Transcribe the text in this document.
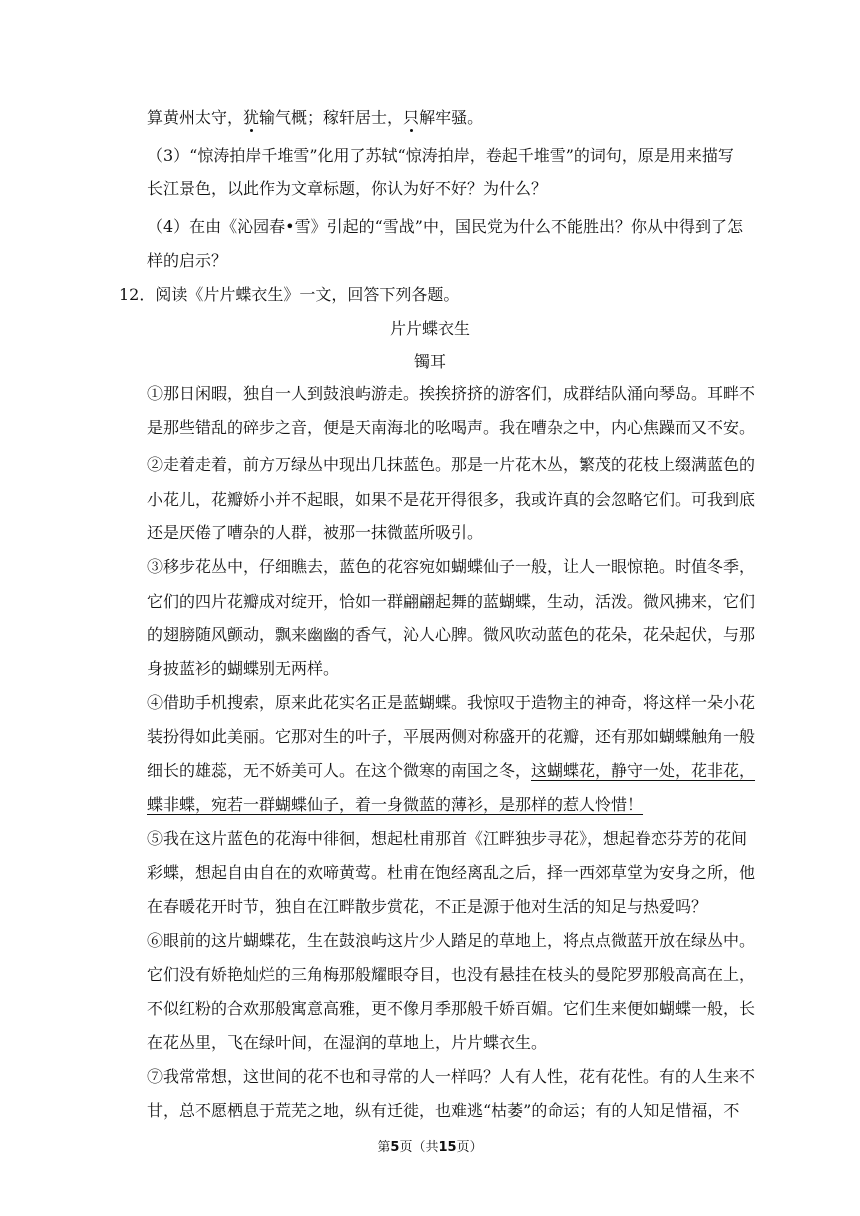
算黄州太守，犹输气概；稼轩居士，只解牢骚。
（3）“惊涛拍岸千堆雪”化用了苏轼“惊涛拍岸，卷起千堆雪”的词句，原是用来描写
长江景色，以此作为文章标题，你认为好不好？为什么？
（4）在由《沁园春•雪》引起的“雪战”中，国民党为什么不能胜出？你从中得到了怎
样的启示？
12．阅读《片片蝶衣生》一文，回答下列各题。
片片蝶衣生
镯耳
①那日闲暇，独自一人到鼓浪屿游走。挨挨挤挤的游客们，成群结队涌向琴岛。耳畔不
是那些错乱的碎步之音，便是天南海北的吆喝声。我在嘈杂之中，内心焦躁而又不安。
②走着走着，前方万绿丛中现出几抹蓝色。那是一片花木丛，繁茂的花枝上缀满蓝色的
小花儿，花瓣娇小并不起眼，如果不是花开得很多，我或许真的会忽略它们。可我到底
还是厌倦了嘈杂的人群，被那一抹微蓝所吸引。
③移步花丛中，仔细瞧去，蓝色的花容宛如蝴蝶仙子一般，让人一眼惊艳。时值冬季，
它们的四片花瓣成对绽开，恰如一群翩翩起舞的蓝蝴蝶，生动，活泼。微风拂来，它们
的翅膀随风颤动，飘来幽幽的香气，沁人心脾。微风吹动蓝色的花朵，花朵起伏，与那
身披蓝衫的蝴蝶别无两样。
④借助手机搜索，原来此花实名正是蓝蝴蝶。我惊叹于造物主的神奇，将这样一朵小花
装扮得如此美丽。它那对生的叶子，平展两侧对称盛开的花瓣，还有那如蝴蝶触角一般
细长的雄蕊，无不娇美可人。在这个微寒的南国之冬，这蝴蝶花，静守一处，花非花，
蝶非蝶，宛若一群蝴蝶仙子，着一身微蓝的薄衫，是那样的惹人怜惜！
⑤我在这片蓝色的花海中徘徊，想起杜甫那首《江畔独步寻花》，想起眷恋芬芳的花间
彩蝶，想起自由自在的欢啼黄莺。杜甫在饱经离乱之后，择一西郊草堂为安身之所，他
在春暖花开时节，独自在江畔散步赏花，不正是源于他对生活的知足与热爱吗？
⑥眼前的这片蝴蝶花，生在鼓浪屿这片少人踏足的草地上，将点点微蓝开放在绿丛中。
它们没有娇艳灿烂的三角梅那般耀眼夺目，也没有悬挂在枝头的曼陀罗那般高高在上，
不似红粉的合欢那般寓意高雅，更不像月季那般千娇百媚。它们生来便如蝴蝶一般，长
在花丛里，飞在绿叶间，在湿润的草地上，片片蝶衣生。
⑦我常常想，这世间的花不也和寻常的人一样吗？人有人性，花有花性。有的人生来不
甘，总不愿栖息于荒芜之地，纵有迁徙，也难逃“枯萎”的命运；有的人知足惜福，不
第5页（共15页）
